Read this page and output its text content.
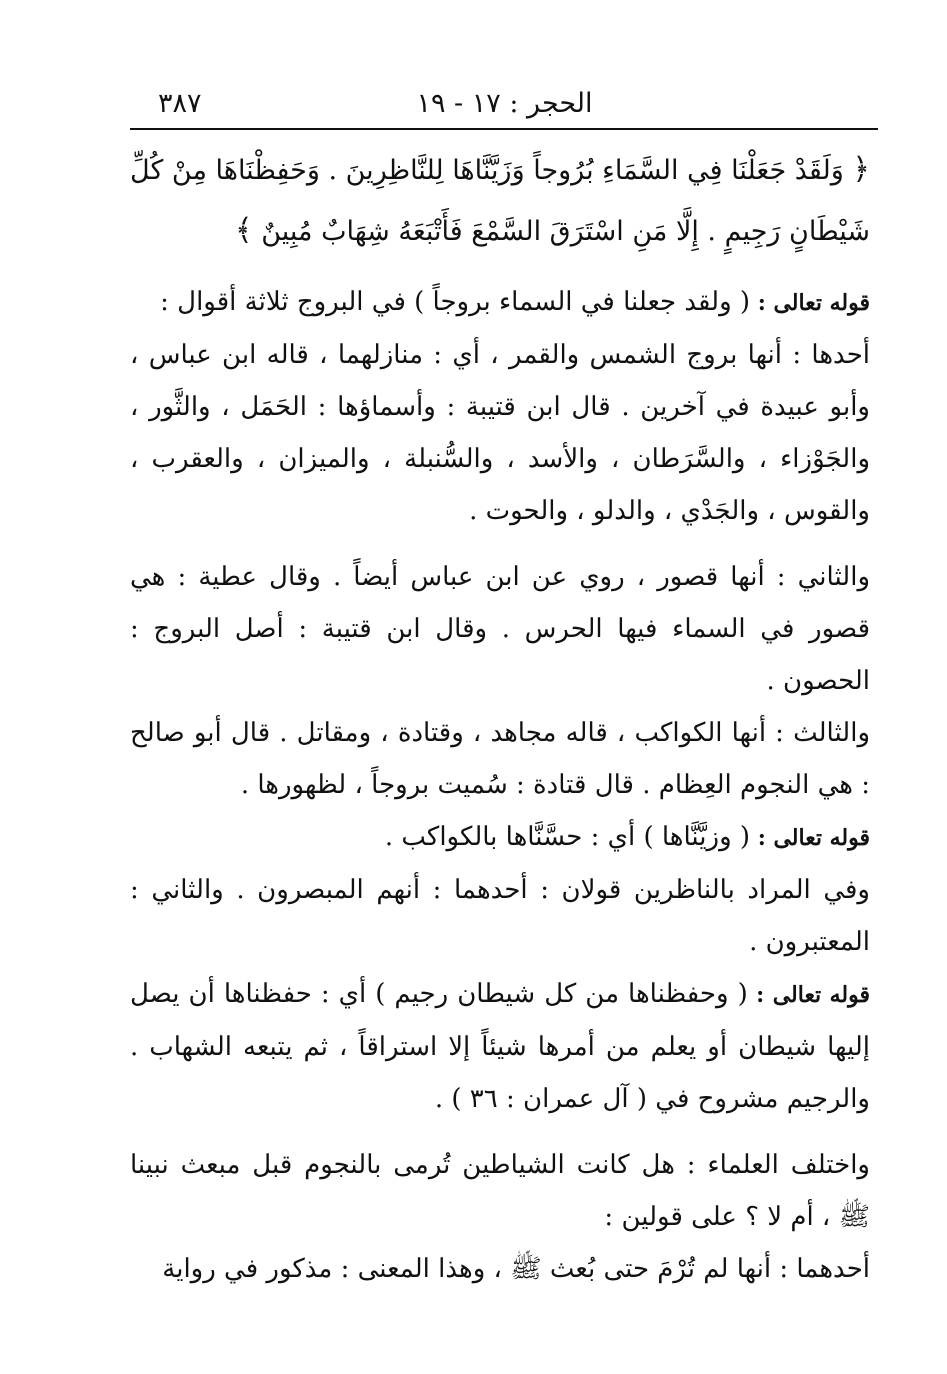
الحجر : ١٧ - ١٩
٣٨٧

﴿ وَلَقَدْ جَعَلْنَا فِي السَّمَاءِ بُرُوجاً وَزَيَّنَّاهَا لِلنَّاظِرِينَ . وَحَفِظْنَاهَا مِنْ كُلِّ شَيْطَانٍ رَجِيمٍ . إِلَّا مَنِ اسْتَرَقَ السَّمْعَ فَأَتْبَعَهُ شِهَابٌ مُبِينٌ ﴾

قوله تعالى : ( ولقد جعلنا في السماء بروجاً ) في البروج ثلاثة أقوال :

أحدها : أنها بروج الشمس والقمر ، أي : منازلهما ، قاله ابن عباس ، وأبو عبيدة في آخرين . قال ابن قتيبة : وأسماؤها : الحَمَل ، والثَّور ، والجَوْزاء ، والسَّرَطان ، والأسد ، والسُّنبلة ، والميزان ، والعقرب ، والقوس ، والجَدْي ، والدلو ، والحوت .

والثاني : أنها قصور ، روي عن ابن عباس أيضاً . وقال عطية : هي قصور في السماء فيها الحرس . وقال ابن قتيبة : أصل البروج : الحصون .

والثالث : أنها الكواكب ، قاله مجاهد ، وقتادة ، ومقاتل . قال أبو صالح : هي النجوم العِظام . قال قتادة : سُميت بروجاً ، لظهورها .

قوله تعالى : ( وزيَّنَّاها ) أي : حسَّنَّاها بالكواكب .

وفي المراد بالناظرين قولان : أحدهما : أنهم المبصرون . والثاني : المعتبرون .

قوله تعالى : ( وحفظناها من كل شيطان رجيم ) أي : حفظناها أن يصل إليها شيطان أو يعلم من أمرها شيئاً إلا استراقاً ، ثم يتبعه الشهاب . والرجيم مشروح في ( آل عمران : ٣٦ ) .

واختلف العلماء : هل كانت الشياطين تُرمى بالنجوم قبل مبعث نبينا ﷺ ، أم لا ؟ على قولين :

أحدهما : أنها لم تُرْمَ حتى بُعث ﷺ ، وهذا المعنى : مذكور في رواية
